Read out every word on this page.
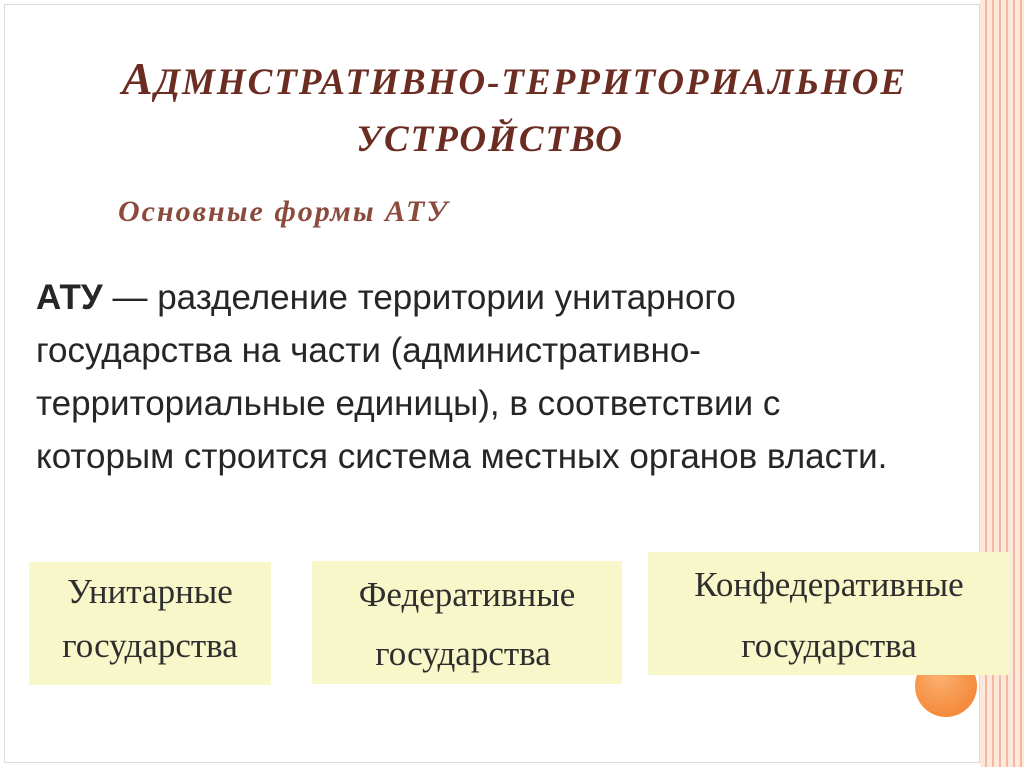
АДМНСТРАТИВНО-ТЕРРИТОРИАЛЬНОЕ
УСТРОЙСТВО
Основные формы АТУ
АТУ — разделение территории унитарного
государства на части (административно-
территориальные единицы), в соответствии с
которым строится система местных органов власти.
Унитарные
государства
Федеративные
государства
Конфедеративные
государства
